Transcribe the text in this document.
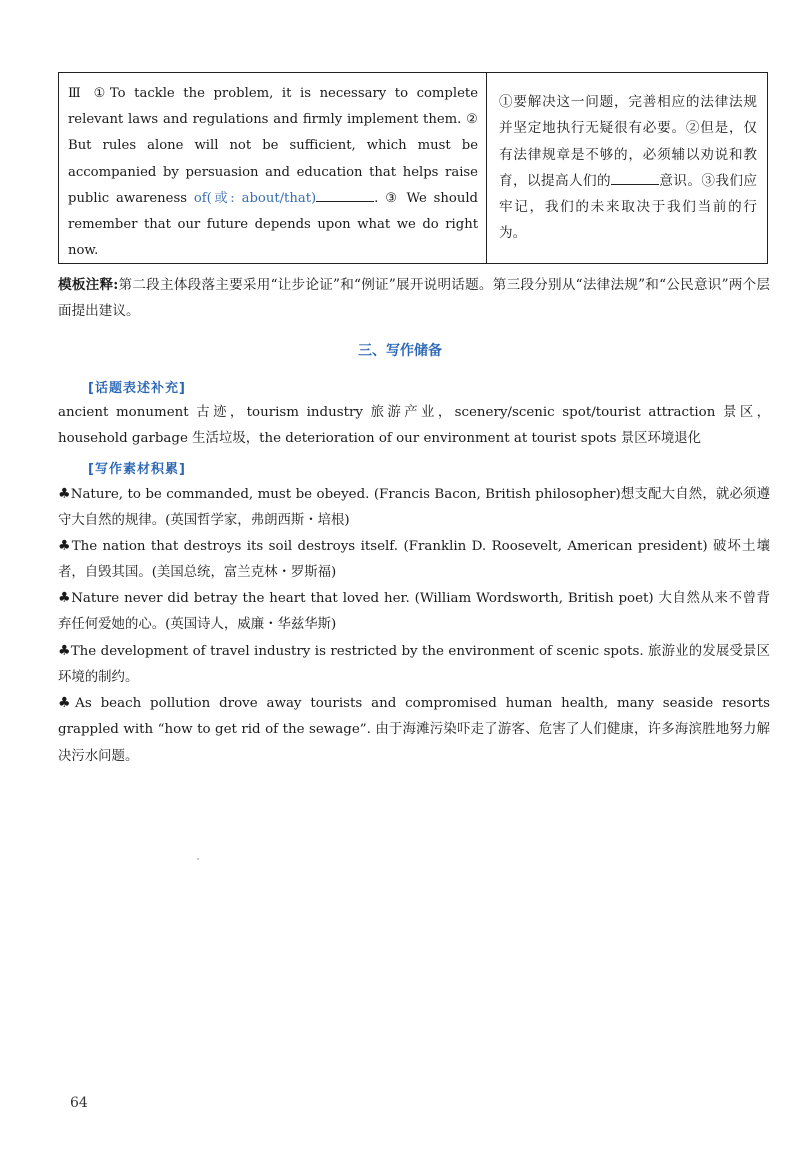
Ⅲ ①To tackle the problem, it is necessary to complete relevant laws and regulations and firmly implement them. ② But rules alone will not be sufficient, which must be accompanied by persuasion and education that helps raise public awareness of(或: about/that)	. ③ We should remember that our future depends upon what we do right now.
①要解决这一问题，完善相应的法律法规并坚定地执行无疑很有必要。②但是，仅有法律规章是不够的，必须辅以劝说和教育，以提高人们的	意识。③我们应牢记，我们的未来取决于我们当前的行为。
模板注释:第二段主体段落主要采用“让步论证”和“例证”展开说明话题。第三段分别从“法律法规”和“公民意识”两个层面提出建议。
三、写作储备
[话题表述补充]
ancient monument 古迹，tourism industry 旅游产业，scenery/scenic spot/tourist attraction 景区，household garbage 生活垃圾，the deterioration of our environment at tourist spots 景区环境退化
[写作素材积累]
♣Nature, to be commanded, must be obeyed. (Francis Bacon, British philosopher)想支配大自然，就必须遵守大自然的规律。(英国哲学家，弗朗西斯・培根)
♣The nation that destroys its soil destroys itself. (Franklin D. Roosevelt, American president) 破坏土壤者，自毁其国。(美国总统，富兰克林・罗斯福)
♣Nature never did betray the heart that loved her. (William Wordsworth, British poet) 大自然从来不曾背弃任何爱她的心。(英国诗人，威廉・华兹华斯)
♣The development of travel industry is restricted by the environment of scenic spots. 旅游业的发展受景区环境的制约。
♣As beach pollution drove away tourists and compromised human health, many seaside resorts grappled with “how to get rid of the sewage”. 由于海滩污染吓走了游客、危害了人们健康，许多海滨胜地努力解决污水问题。
64
